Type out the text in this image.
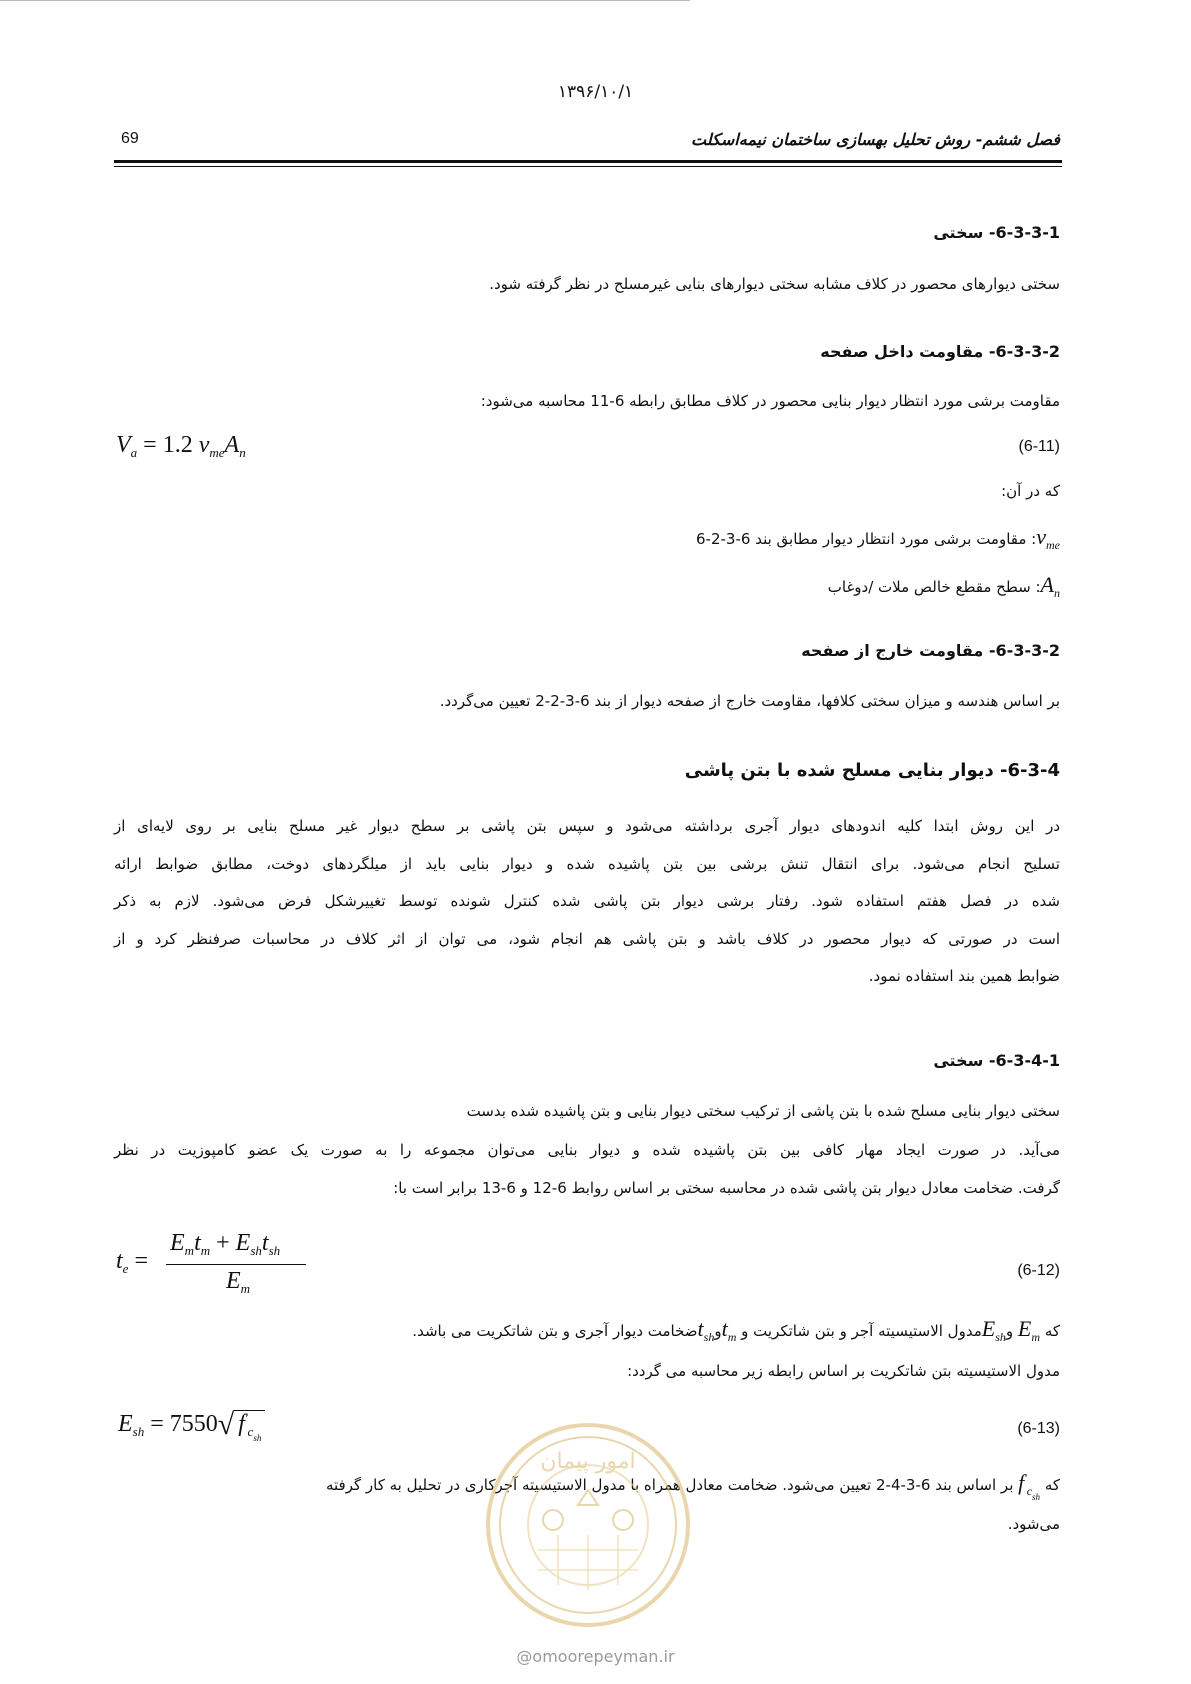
۱۳۹۶/۱۰/۱
69	فصل ششم- روش تحلیل بهسازی ساختمان نیمه‌اسکلت
6-3-3-1- سختی
سختی دیوارهای محصور در کلاف مشابه سختی دیوارهای بنایی غیرمسلح در نظر گرفته شود.
6-3-3-2- مقاومت داخل صفحه
مقاومت برشی مورد انتظار دیوار بنایی محصور در کلاف مطابق رابطه 6-11 محاسبه می‌شود:
$V_a = 1.2$ $v_{me}A_n$	(6-11)
که در آن:
$v_{me}$: مقاومت برشی مورد انتظار دیوار مطابق بند 6-3-2-6
$A_n$: سطح مقطع خالص ملات /دوغاب
6-3-3-2- مقاومت خارج از صفحه
بر اساس هندسه و میزان سختی کلافها، مقاومت خارج از صفحه دیوار از بند 6-3-2-2 تعیین می‌گردد.
6-3-4- دیوار بنایی مسلح شده با بتن پاشی
در این روش ابتدا کلیه اندودهای دیوار آجری برداشته می‌شود و سپس بتن پاشی بر سطح دیوار غیر مسلح بنایی بر روی لایه‌ای از
تسلیح انجام می‌شود. برای انتقال تنش برشی بین بتن پاشیده شده و دیوار بنایی باید از میلگردهای دوخت، مطابق ضوابط ارائه
شده در فصل هفتم استفاده شود. رفتار برشی دیوار بتن پاشی شده کنترل شونده توسط تغییرشکل فرض می‌شود. لازم به ذکر
است در صورتی که دیوار محصور در کلاف باشد و بتن پاشی هم انجام شود، می توان از اثر کلاف در محاسبات صرفنظر کرد و از
ضوابط همین بند استفاده نمود.
6-3-4-1- سختی
سختی دیوار بنایی مسلح شده با بتن پاشی از ترکیب سختی دیوار بنایی و بتن پاشیده شده بدست
می‌آید. در صورت ایجاد مهار کافی بین بتن پاشیده شده و دیوار بنایی می‌توان مجموعه را به صورت یک عضو کامپوزیت در نظر
گرفت. ضخامت معادل دیوار بتن پاشی شده در محاسبه سختی بر اساس روابط 6-12 و 6-13 برابر است با:
$t_e$ =
$E_mt_m + E_{sh}t_{sh}$
$E_m$
(6-12)
که $E_m$ وE$_{sh}$مدول الاستیسیته آجر و بتن شاتکریت و $t_mوt_{sh}ضخامت$ دیوار آجری و بتن شاتکریت می باشد.
مدول الاستیسیته بتن شاتکریت بر اساس رابطه زیر محاسبه می گردد:
$E_{sh} = 7550√$ $f'_{c_{sh}}$
(6-13)
که $f'_{c_{sh}}$ بر اساس بند 6-3-4-2 تعیین می‌شود. ضخامت معادل همراه با مدول الاستیسیته آجرکاری در تحلیل به کار گرفته
می‌شود.
امور پیمان
@omoorepeyman.ir
